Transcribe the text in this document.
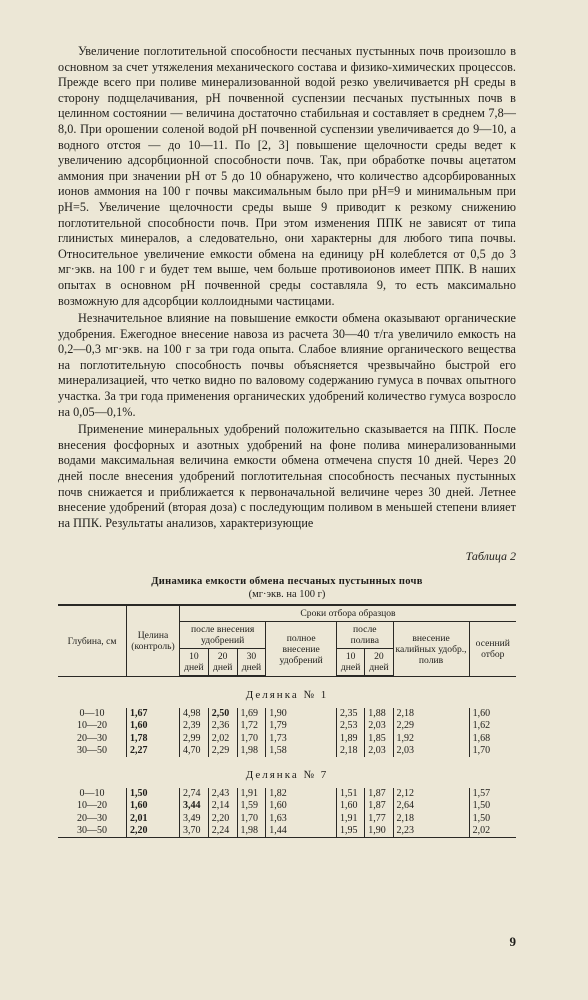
Увеличение поглотительной способности песчаных пустынных почв произошло в основном за счет утяжеления механического состава и физико-химических процессов. Прежде всего при поливе минерализованной водой резко увеличивается pH среды в сторону подщелачивания, pH почвенной суспензии песчаных пустынных почв в целинном состоянии — величина достаточно стабильная и составляет в среднем 7,8—8,0. При орошении соленой водой pH почвенной суспензии увеличивается до 9—10, а водного отстоя — до 10—11. По [2, 3] повышение щелочности среды ведет к увеличению адсорбционной способности почв. Так, при обработке почвы ацетатом аммония при значении pH от 5 до 10 обнаружено, что количество адсорбированных ионов аммония на 100 г почвы максимальным было при pH=9 и минимальным при pH=5. Увеличение щелочности среды выше 9 приводит к резкому снижению поглотительной способности почв. При этом изменения ППК не зависят от типа глинистых минералов, а следовательно, они характерны для любого типа почвы. Относительное увеличение емкости обмена на единицу pH колеблется от 0,5 до 3 мг·экв. на 100 г и будет тем выше, чем больше противоионов имеет ППК. В наших опытах в основном pH почвенной среды составляла 9, то есть максимально возможную для адсорбции коллоидными частицами.

Незначительное влияние на повышение емкости обмена оказывают органические удобрения. Ежегодное внесение навоза из расчета 30—40 т/га увеличило емкость на 0,2—0,3 мг·экв. на 100 г за три года опыта. Слабое влияние органического вещества на поглотительную способность почвы объясняется чрезвычайно быстрой его минерализацией, что четко видно по валовому содержанию гумуса в почвах опытного участка. За три года применения органических удобрений количество гумуса возросло на 0,05—0,1%.

Применение минеральных удобрений положительно сказывается на ППК. После внесения фосфорных и азотных удобрений на фоне полива минерализованными водами максимальная величина емкости обмена отмечена спустя 10 дней. Через 20 дней после внесения удобрений поглотительная способность песчаных пустынных почв снижается и приближается к первоначальной величине через 30 дней. Летнее внесение удобрений (вторая доза) с последующим поливом в меньшей степени влияет на ППК. Результаты анализов, характеризующие

Таблица 2
Динамика емкости обмена песчаных пустынных почв
(мг·экв. на 100 г)
Глубина, см	Целина (контроль)	Сроки отбора образцов							
		после внесения удобрений			полное внесение удобрений	после полива		внесение калийных удобр., полив	осенний отбор
		10 дней	20 дней	30 дней		10 дней	20 дней		
Делянка № 1									
0—10	1,67	4,98	2,50	1,69	1,90	2,35	1,88	2,18	1,60
10—20	1,60	2,39	2,36	1,72	1,79	2,53	2,03	2,29	1,62
20—30	1,78	2,99	2,02	1,70	1,73	1,89	1,85	1,92	1,68
30—50	2,27	4,70	2,29	1,98	1,58	2,18	2,03	2,03	1,70
Делянка № 7									
0—10	1,50	2,74	2,43	1,91	1,82	1,51	1,87	2,12	1,57
10—20	1,60	3,44	2,14	1,59	1,60	1,60	1,87	2,64	1,50
20—30	2,01	3,49	2,20	1,70	1,63	1,91	1,77	2,18	1,50
30—50	2,20	3,70	2,24	1,98	1,44	1,95	1,90	2,23	2,02
9
